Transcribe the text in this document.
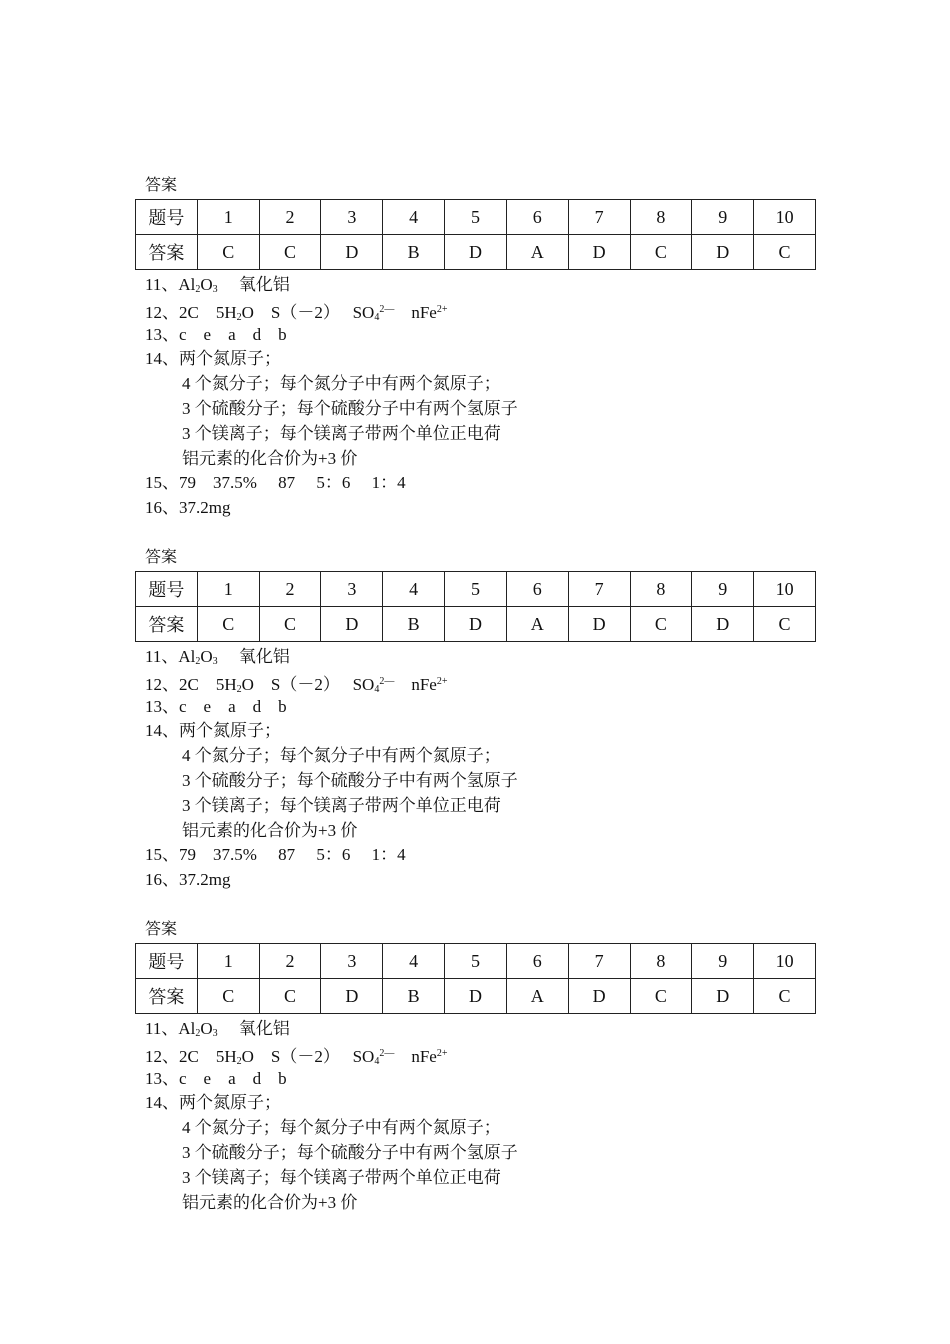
答案
题号	1	2	3	4	5	6	7	8	9	10
答案	C	C	D	B	D	A	D	C	D	C
11、$Al_2O_3$　 氧化铝
12、2C　$5H_2O$　S（－2）　 $SO_4^{2—}$　nFe$^{2+}$
13、c　e　a　d　b
14、两个氮原子；
4 个氮分子；每个氮分子中有两个氮原子；
3 个硫酸分子；每个硫酸分子中有两个氢原子
3 个镁离子；每个镁离子带两个单位正电荷
铝元素的化合价为+3 价
15、79　37.5%　 87　 5：6　 1：4
16、37.2mg
答案
题号	1	2	3	4	5	6	7	8	9	10
答案	C	C	D	B	D	A	D	C	D	C
11、$Al_2O_3$　 氧化铝
12、2C　$5H_2O$　S（－2）　 $SO_4^{2—}$　nFe$^{2+}$
13、c　e　a　d　b
14、两个氮原子；
4 个氮分子；每个氮分子中有两个氮原子；
3 个硫酸分子；每个硫酸分子中有两个氢原子
3 个镁离子；每个镁离子带两个单位正电荷
铝元素的化合价为+3 价
15、79　37.5%　 87　 5：6　 1：4
16、37.2mg
答案
题号	1	2	3	4	5	6	7	8	9	10
答案	C	C	D	B	D	A	D	C	D	C
11、$Al_2O_3$　 氧化铝
12、2C　$5H_2O$　S（－2）　 $SO_4^{2—}$　nFe$^{2+}$
13、c　e　a　d　b
14、两个氮原子；
4 个氮分子；每个氮分子中有两个氮原子；
3 个硫酸分子；每个硫酸分子中有两个氢原子
3 个镁离子；每个镁离子带两个单位正电荷
铝元素的化合价为+3 价
